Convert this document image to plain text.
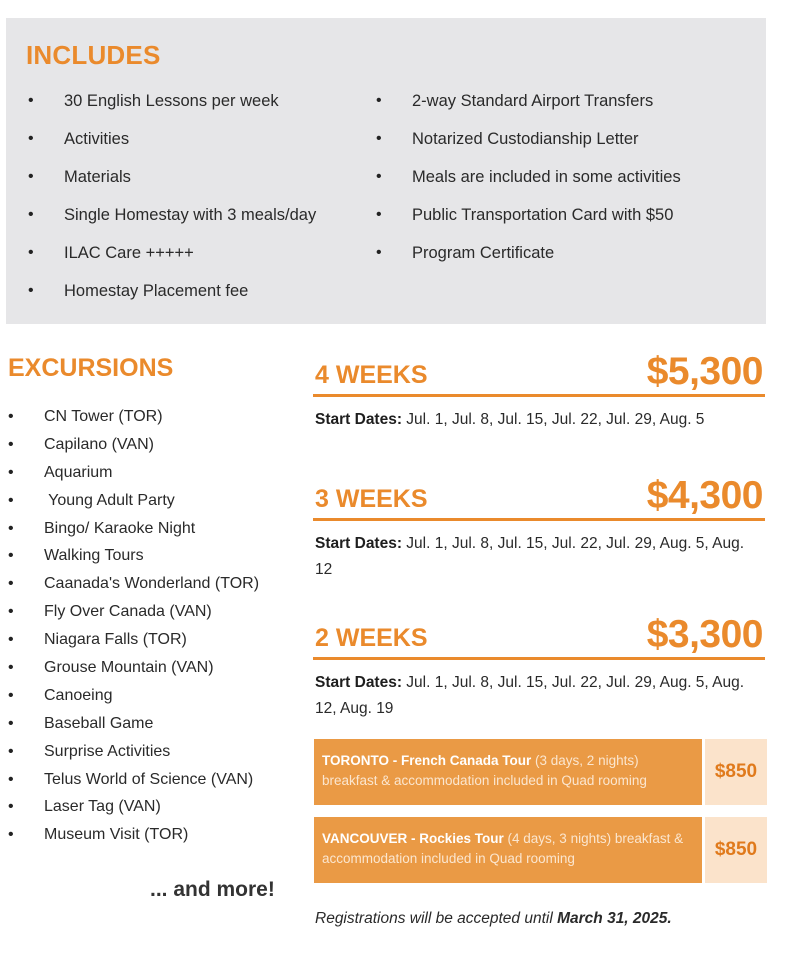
INCLUDES
• 30 English Lessons per week
• Activities
• Materials
• Single Homestay with 3 meals/day
• ILAC Care +++++
• Homestay Placement fee
• 2-way Standard Airport Transfers
• Notarized Custodianship Letter
• Meals are included in some activities
• Public Transportation Card with $50
• Program Certificate
EXCURSIONS
• CN Tower (TOR)
• Capilano (VAN)
• Aquarium
•  Young Adult Party
• Bingo/ Karaoke Night
• Walking Tours
• Caanada's Wonderland (TOR)
• Fly Over Canada (VAN)
• Niagara Falls (TOR)
• Grouse Mountain (VAN)
• Canoeing
• Baseball Game
• Surprise Activities
• Telus World of Science (VAN)
• Laser Tag (VAN)
• Museum Visit (TOR)
... and more!
4 WEEKS	$5,300

Start Dates: Jul. 1, Jul. 8, Jul. 15, Jul. 22, Jul. 29, Aug. 5

3 WEEKS	$4,300

Start Dates: Jul. 1, Jul. 8, Jul. 15, Jul. 22, Jul. 29, Aug. 5, Aug. 12

2 WEEKS	$3,300

Start Dates: Jul. 1, Jul. 8, Jul. 15, Jul. 22, Jul. 29, Aug. 5, Aug. 12, Aug. 19

TORONTO - French Canada Tour (3 days, 2 nights) breakfast & accommodation included in Quad rooming	$850
VANCOUVER - Rockies Tour (4 days, 3 nights) breakfast & accommodation included in Quad rooming	$850
Registrations will be accepted until March 31, 2025.
